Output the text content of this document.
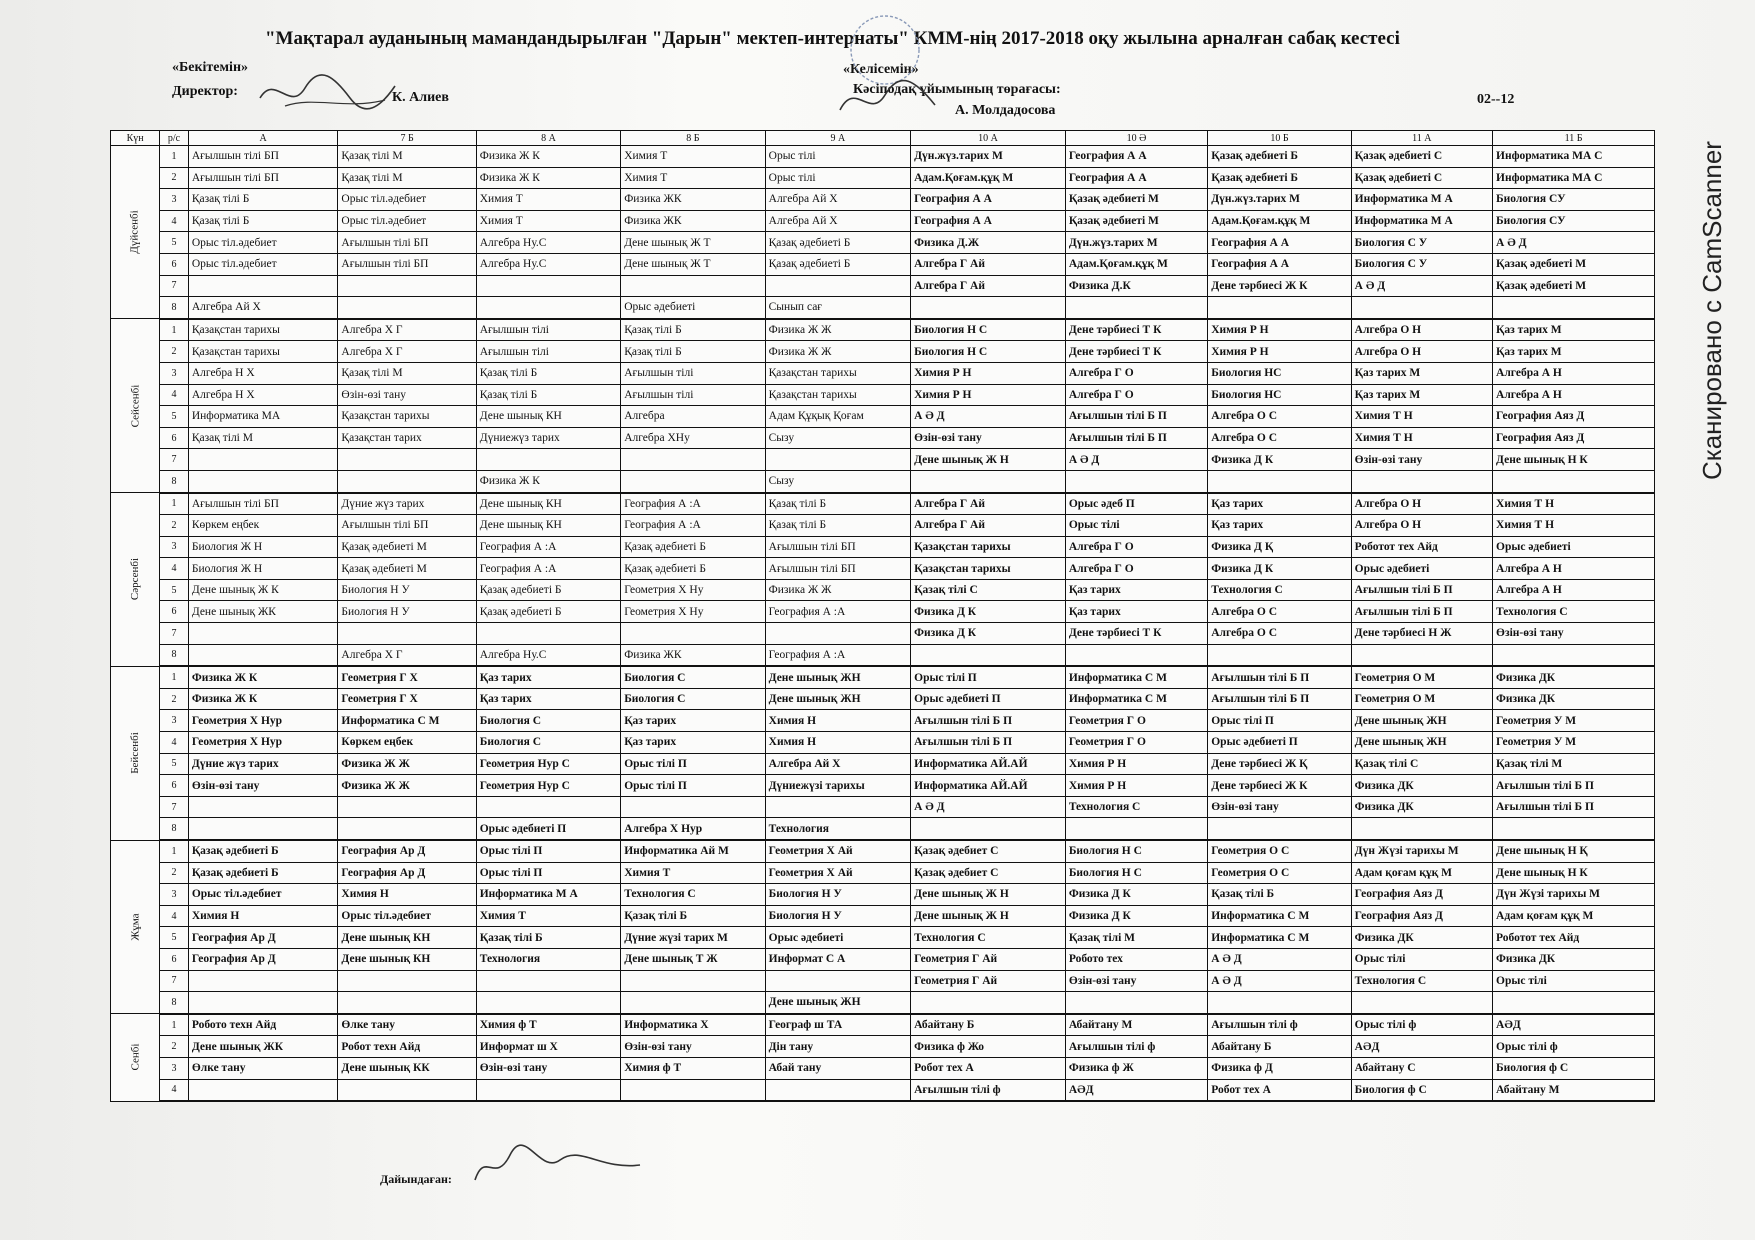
"Мақтарал ауданының мамандандырылған "Дарын" мектеп-интернаты" КММ-нің 2017-2018 оқу жылына арналған сабақ кестесі
«Бекітемін»
Директор:	К. Алиев
«Келісемін»
Кәсіподақ ұйымының төрағасы:
А. Молдадосова
02--12
Сканировано с CamScanner
Күн	р/с	А	7 Б	8 А	8 Б	9 А	10 А	10 Ә	10 Б	11 А	11 Б
Дүйсенбі	1	Ағылшын тілі БП	Қазақ тілі М	Физика Ж К	Химия Т	Орыс тілі	Дүн.жүз.тарих М	География А А	Қазақ әдебиеті Б	Қазақ әдебиеті С	Информатика МА С
	2	Ағылшын тілі БП	Қазақ тілі М	Физика Ж К	Химия Т	Орыс тілі	Адам.Қоғам.құқ М	География А А	Қазақ әдебиеті Б	Қазақ әдебиеті С	Информатика МА С
	3	Қазақ тілі Б	Орыс тіл.әдебиет	Химия Т	Физика ЖК	Алгебра Ай Х	География А А	Қазақ әдебиеті М	Дүн.жүз.тарих М	Информатика М А	Биология СУ
	4	Қазақ тілі Б	Орыс тіл.әдебиет	Химия Т	Физика ЖК	Алгебра Ай Х	География А А	Қазақ әдебиеті М	Адам.Қоғам.құқ М	Информатика М А	Биология СУ
	5	Орыс тіл.әдебиет	Ағылшын тілі БП	Алгебра Ну.С	Дене шынық Ж Т	Қазақ әдебиеті Б	Физика Д.Ж	Дүн.жүз.тарих М	География А А	Биология С У	А Ә Д
	6	Орыс тіл.әдебиет	Ағылшын тілі БП	Алгебра Ну.С	Дене шынық Ж Т	Қазақ әдебиеті Б	Алгебра Г Ай	Адам.Қоғам.құқ М	География А А	Биология С У	Қазақ әдебиеті М
	7						Алгебра Г Ай	Физика Д.К	Дене тәрбиесі Ж К	А Ә Д	Қазақ әдебиеті М
	8	Алгебра Ай Х			Орыс әдебиеті	Сынып сағ					
Сейсенбі	1	Қазақстан тарихы	Алгебра Х Г	Ағылшын тілі	Қазақ тілі Б	Физика Ж Ж	Биология Н С	Дене тәрбиесі Т К	Химия Р Н	Алгебра О Н	Қаз тарих М
	2	Қазақстан тарихы	Алгебра Х Г	Ағылшын тілі	Қазақ тілі Б	Физика Ж Ж	Биология Н С	Дене тәрбиесі Т К	Химия Р Н	Алгебра О Н	Қаз тарих М
	3	Алгебра Н Х	Қазақ тілі М	Қазақ тілі Б	Ағылшын тілі	Қазақстан тарихы	Химия Р Н	Алгебра Г О	Биология НС	Қаз тарих М	Алгебра А Н
	4	Алгебра Н Х	Өзін-өзі тану	Қазақ тілі Б	Ағылшын тілі	Қазақстан тарихы	Химия Р Н	Алгебра Г О	Биология НС	Қаз тарих М	Алгебра А Н
	5	Информатика МА	Қазақстан тарихы	Дене шынық КН	Алгебра	Адам Құқық Қоғам	А Ә Д	Ағылшын тілі Б П	Алгебра О С	Химия Т Н	География Аяз Д
	6	Қазақ тілі М	Қазақстан тарих	Дүниежүз тарих	Алгебра ХНу	Сызу	Өзін-өзі тану	Ағылшын тілі Б П	Алгебра О С	Химия Т Н	География Аяз Д
	7						Дене шынық Ж Н	А Ә Д	Физика Д К	Өзін-өзі тану	Дене шынық Н К
	8			Физика Ж К		Сызу					
Сәрсенбі	1	Ағылшын тілі БП	Дүние жүз тарих	Дене шынық КН	География А :А	Қазақ тілі Б	Алгебра Г Ай	Орыс әдеб П	Қаз тарих	Алгебра О Н	Химия Т Н
	2	Көркем еңбек	Ағылшын тілі БП	Дене шынық КН	География А :А	Қазақ тілі Б	Алгебра Г Ай	Орыс тілі	Қаз тарих	Алгебра О Н	Химия Т Н
	3	Биология Ж Н	Қазақ әдебиеті М	География А :А	Қазақ әдебиеті Б	Ағылшын тілі БП	Қазақстан тарихы	Алгебра Г О	Физика Д Қ	Роботот тех Айд	Орыс әдебиеті
	4	Биология Ж Н	Қазақ әдебиеті М	География А :А	Қазақ әдебиеті Б	Ағылшын тілі БП	Қазақстан тарихы	Алгебра Г О	Физика Д К	Орыс әдебиеті	Алгебра А Н
	5	Дене шынық Ж К	Биология Н У	Қазақ әдебиеті Б	Геометрия Х Ну	Физика Ж Ж	Қазақ тілі С	Қаз тарих	Технология С	Ағылшын тілі Б П	Алгебра А Н
	6	Дене шынық ЖК	Биология Н У	Қазақ әдебиеті Б	Геометрия Х Ну	География А :А	Физика Д К	Қаз тарих	Алгебра О С	Ағылшын тілі Б П	Технология С
	7						Физика Д К	Дене тәрбиесі Т К	Алгебра О С	Дене тәрбиесі Н Ж	Өзін-өзі тану
	8		Алгебра Х Г	Алгебра Ну.С	Физика ЖК	География А :А					
Бейсенбі	1	Физика Ж К	Геометрия Г Х	Қаз тарих	Биология С	Дене шынық ЖН	Орыс тілі П	Информатика С М	Ағылшын тілі Б П	Геометрия О М	Физика ДК
	2	Физика Ж К	Геометрия Г Х	Қаз тарих	Биология С	Дене шынық ЖН	Орыс әдебиеті П	Информатика С М	Ағылшын тілі Б П	Геометрия О М	Физика ДК
	3	Геометрия Х Нур	Информатика С М	Биология С	Қаз тарих	Химия Н	Ағылшын тілі Б П	Геометрия Г О	Орыс тілі П	Дене шынық ЖН	Геометрия У М
	4	Геометрия Х Нур	Көркем еңбек	Биология С	Қаз тарих	Химия Н	Ағылшын тілі Б П	Геометрия Г О	Орыс әдебиеті П	Дене шынық ЖН	Геометрия У М
	5	Дүние жүз тарих	Физика Ж Ж	Геометрия Нур С	Орыс тілі П	Алгебра Ай Х	Информатика АЙ.АЙ	Химия Р Н	Дене тәрбиесі Ж Қ	Қазақ тілі С	Қазақ тілі М
	6	Өзін-өзі тану	Физика Ж Ж	Геометрия Нур С	Орыс тілі П	Дүниежүзі тарихы	Информатика АЙ.АЙ	Химия Р Н	Дене тәрбиесі Ж К	Физика ДК	Ағылшын тілі Б П
	7						А Ә Д	Технология С	Өзін-өзі тану	Физика ДК	Ағылшын тілі Б П
	8			Орыс әдебиеті П	Алгебра Х Нур	Технология					
Жұма	1	Қазақ әдебиеті Б	География Ар Д	Орыс тілі П	Информатика Ай М	Геометрия Х Ай	Қазақ әдебиет С	Биология Н С	Геометрия О С	Дүн Жүзі тарихы М	Дене шынық Н Қ
	2	Қазақ әдебиеті Б	География Ар Д	Орыс тілі П	Химия Т	Геометрия Х Ай	Қазақ әдебиет С	Биология Н С	Геометрия О С	Адам қоғам құқ М	Дене шынық Н К
	3	Орыс тіл.әдебиет	Химия Н	Информатика М А	Технология С	Биология Н У	Дене шынық Ж Н	Физика Д К	Қазақ тілі Б	География Аяз Д	Дүн Жүзі тарихы М
	4	Химия Н	Орыс тіл.әдебиет	Химия Т	Қазақ тілі Б	Биология Н У	Дене шынық Ж Н	Физика Д К	Информатика С М	География Аяз Д	Адам қоғам құқ М
	5	География Ар Д	Дене шынық КН	Қазақ тілі Б	Дүние жүзі тарих М	Орыс әдебиеті	Технология С	Қазақ тілі М	Информатика С М	Физика ДК	Роботот тех Айд
	6	География Ар Д	Дене шынық КН	Технология	Дене шынық Т Ж	Информат С А	Геометрия Г Ай	Робото тех	А Ә Д	Орыс тілі	Физика ДК
	7						Геометрия Г Ай	Өзін-өзі тану	А Ә Д	Технология С	Орыс тілі
	8					Дене шынық ЖН					
Сенбі	1	Робото техн Айд	Өлке тану	Химия ф Т	Информатика Х	Географ ш ТА	Абайтану Б	Абайтану М	Ағылшын тілі ф	Орыс тілі ф	АӘД
	2	Дене шынық ЖК	Робот техн Айд	Информат ш Х	Өзін-өзі тану	Дін тану	Физика ф Жо	Ағылшын тілі ф	Абайтану Б	АӘД	Орыс тілі ф
	3	Өлке тану	Дене шынық КК	Өзін-өзі тану	Химия ф Т	Абай тану	Робот тех А	Физика ф Ж	Физика ф Д	Абайтану С	Биология ф С
	4						Ағылшын тілі ф	АӘД	Робот тех А	Биология ф С	Абайтану М
Дайындаған:
